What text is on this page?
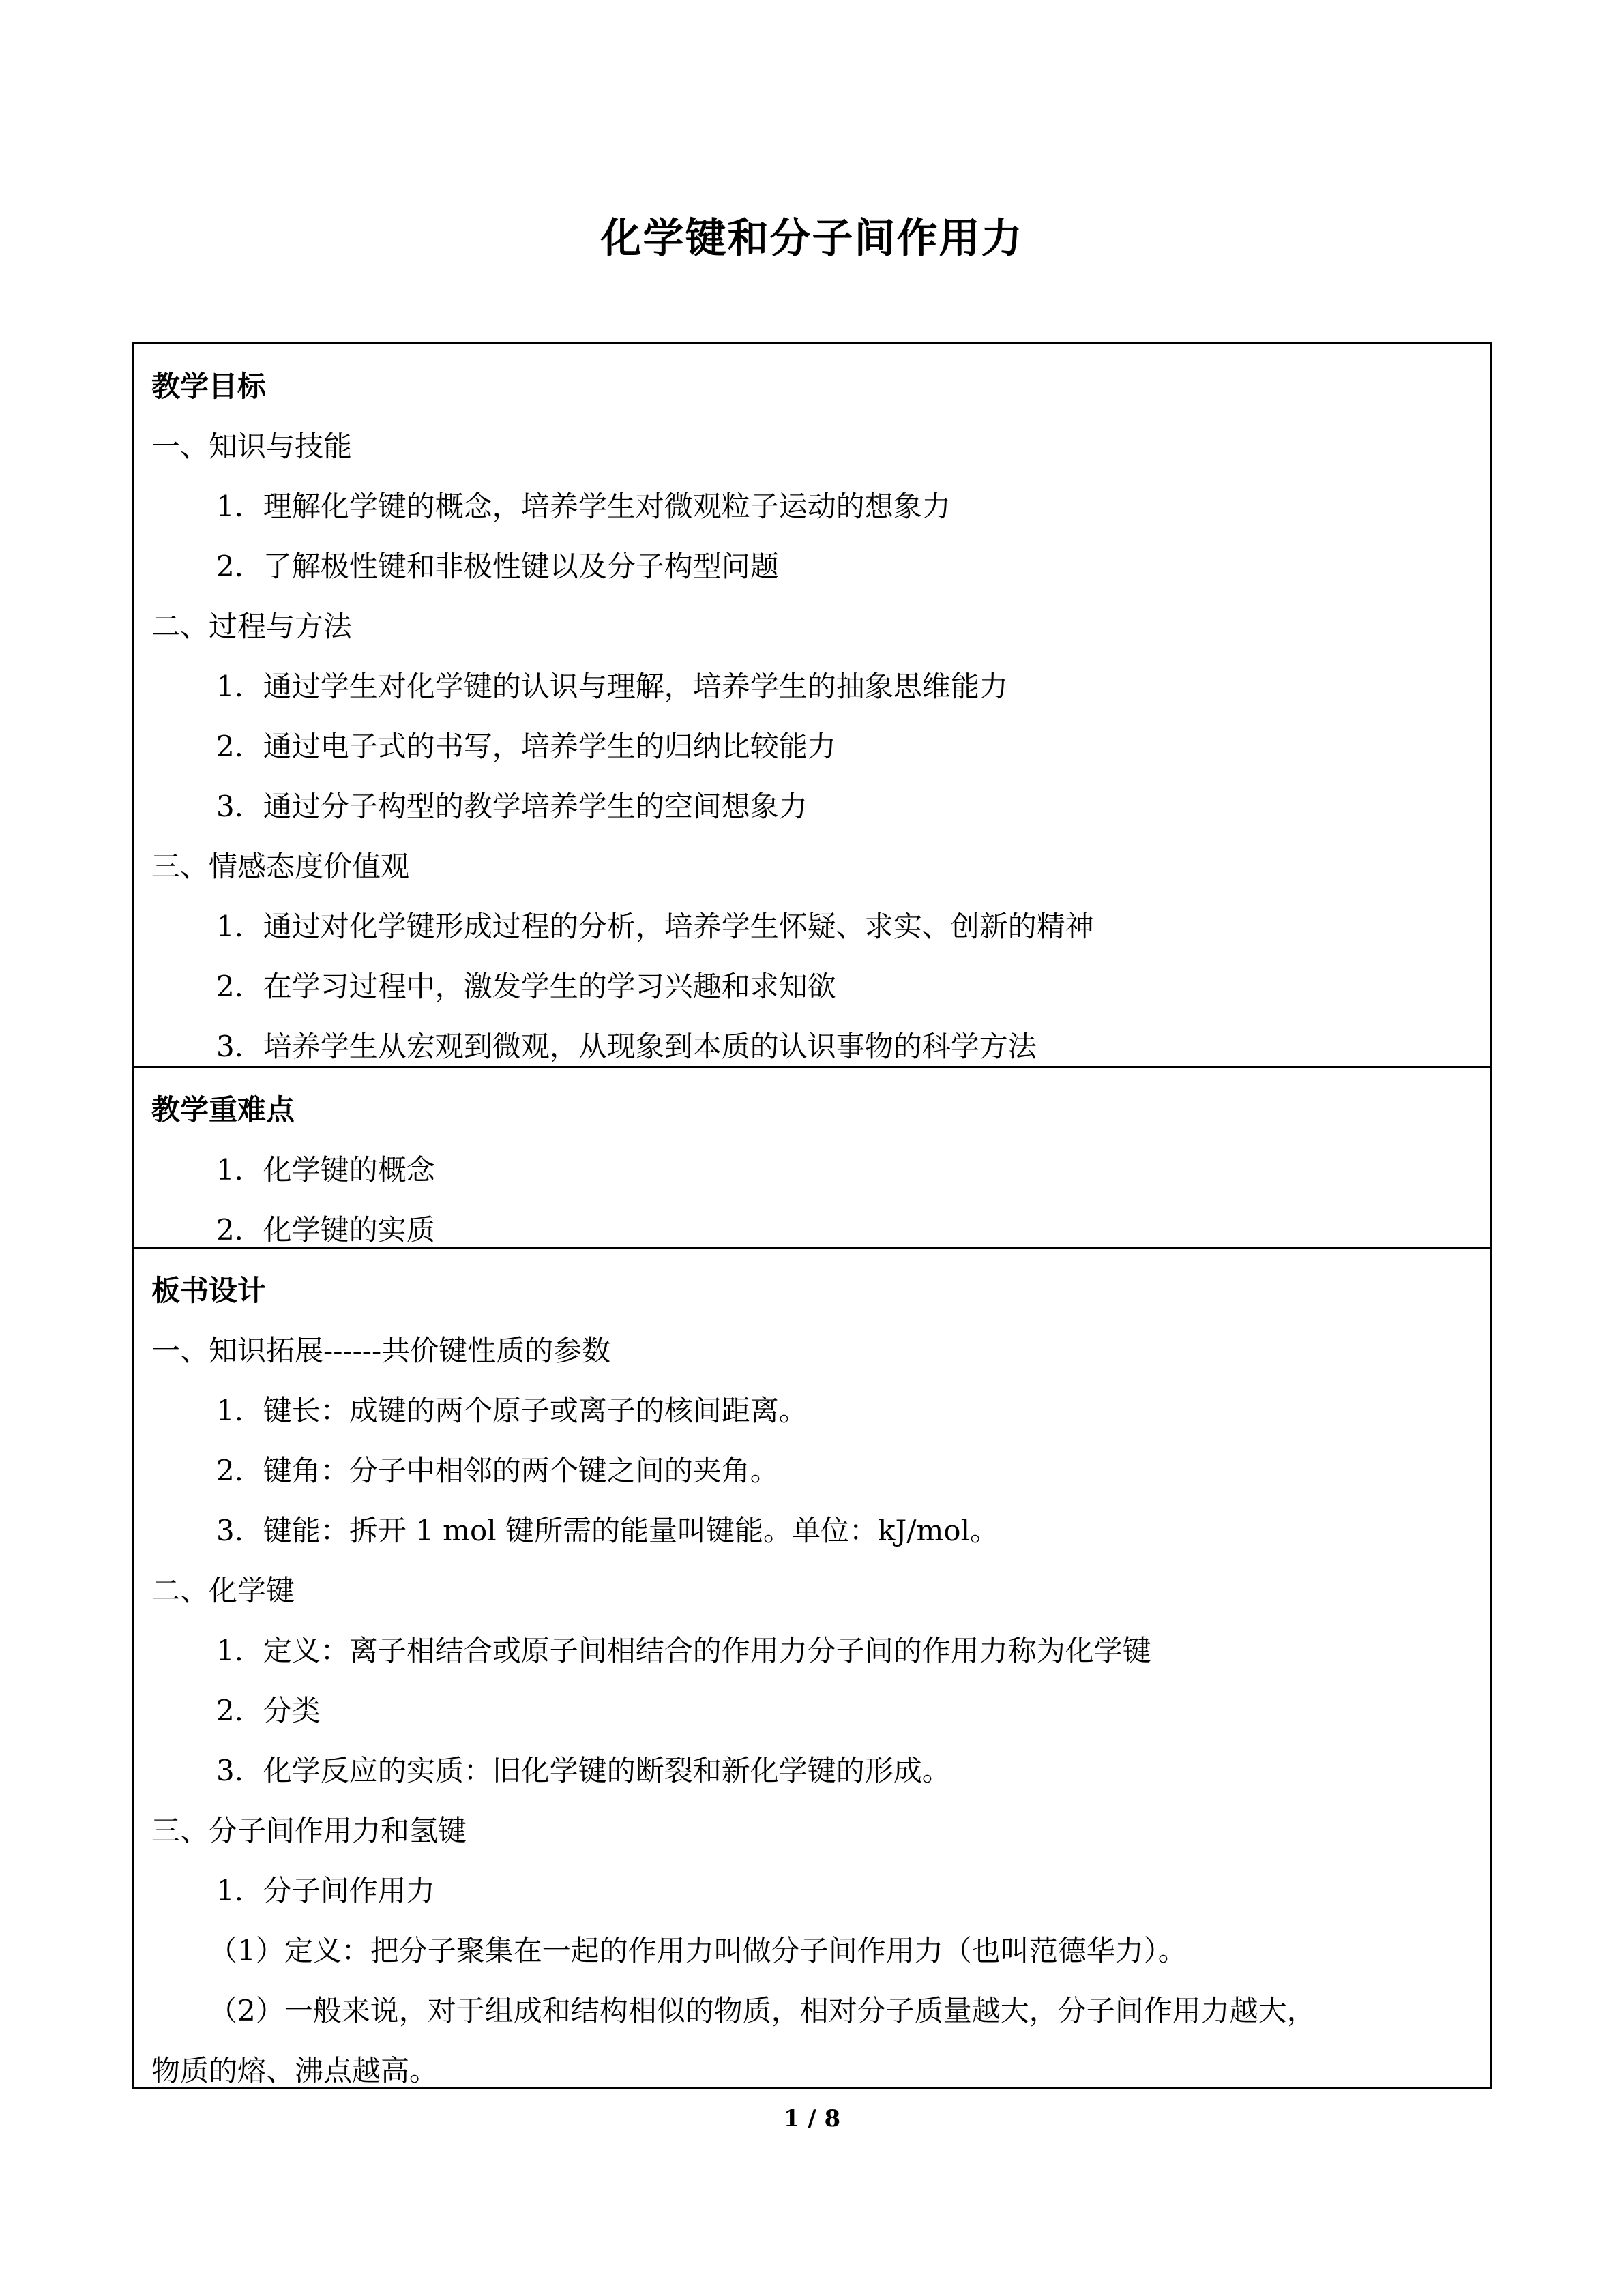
化学键和分子间作用力
教学目标
一、知识与技能
1．理解化学键的概念，培养学生对微观粒子运动的想象力
2．了解极性键和非极性键以及分子构型问题
二、过程与方法
1．通过学生对化学键的认识与理解，培养学生的抽象思维能力
2．通过电子式的书写，培养学生的归纳比较能力
3．通过分子构型的教学培养学生的空间想象力
三、情感态度价值观
1．通过对化学键形成过程的分析，培养学生怀疑、求实、创新的精神
2．在学习过程中，激发学生的学习兴趣和求知欲
3．培养学生从宏观到微观，从现象到本质的认识事物的科学方法
教学重难点
1．化学键的概念
2．化学键的实质
板书设计
一、知识拓展------共价键性质的参数
1．键长：成键的两个原子或离子的核间距离。
2．键角：分子中相邻的两个键之间的夹角。
3．键能：拆开 1 mol 键所需的能量叫键能。单位：kJ/mol。
二、化学键
1．定义：离子相结合或原子间相结合的作用力分子间的作用力称为化学键
2．分类
3．化学反应的实质：旧化学键的断裂和新化学键的形成。
三、分子间作用力和氢键
1．分子间作用力
（1）定义：把分子聚集在一起的作用力叫做分子间作用力（也叫范德华力）。
（2）一般来说，对于组成和结构相似的物质，相对分子质量越大，分子间作用力越大，
物质的熔、沸点越高。
1 / 8
